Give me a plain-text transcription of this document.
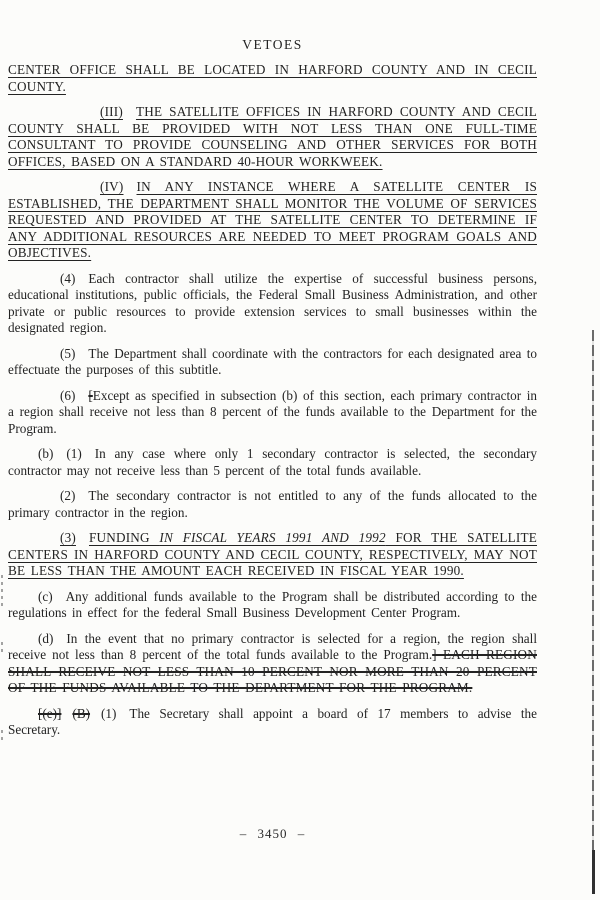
VETOES

CENTER OFFICE SHALL BE LOCATED IN HARFORD COUNTY AND IN CECIL COUNTY.

(III) THE SATELLITE OFFICES IN HARFORD COUNTY AND CECIL COUNTY SHALL BE PROVIDED WITH NOT LESS THAN ONE FULL-TIME CONSULTANT TO PROVIDE COUNSELING AND OTHER SERVICES FOR BOTH OFFICES, BASED ON A STANDARD 40-HOUR WORKWEEK.

(IV) IN ANY INSTANCE WHERE A SATELLITE CENTER IS ESTABLISHED, THE DEPARTMENT SHALL MONITOR THE VOLUME OF SERVICES REQUESTED AND PROVIDED AT THE SATELLITE CENTER TO DETERMINE IF ANY ADDITIONAL RESOURCES ARE NEEDED TO MEET PROGRAM GOALS AND OBJECTIVES.

(4) Each contractor shall utilize the expertise of successful business persons, educational institutions, public officials, the Federal Small Business Administration, and other private or public resources to provide extension services to small businesses within the designated region.

(5) The Department shall coordinate with the contractors for each designated area to effectuate the purposes of this subtitle.

(6) [Except as specified in subsection (b) of this section, each primary contractor in a region shall receive not less than 8 percent of the funds available to the Department for the Program.

(b) (1) In any case where only 1 secondary contractor is selected, the secondary contractor may not receive less than 5 percent of the total funds available.

(2) The secondary contractor is not entitled to any of the funds allocated to the primary contractor in the region.

(3) FUNDING IN FISCAL YEARS 1991 AND 1992 FOR THE SATELLITE CENTERS IN HARFORD COUNTY AND CECIL COUNTY, RESPECTIVELY, MAY NOT BE LESS THAN THE AMOUNT EACH RECEIVED IN FISCAL YEAR 1990.

(c) Any additional funds available to the Program shall be distributed according to the regulations in effect for the federal Small Business Development Center Program.

(d) In the event that no primary contractor is selected for a region, the region shall receive not less than 8 percent of the total funds available to the Program.] EACH REGION SHALL RECEIVE NOT LESS THAN 10 PERCENT NOR MORE THAN 20 PERCENT OF THE FUNDS AVAILABLE TO THE DEPARTMENT FOR THE PROGRAM.

[(e)] (B) (1) The Secretary shall appoint a board of 17 members to advise the Secretary.

– 3450 –
